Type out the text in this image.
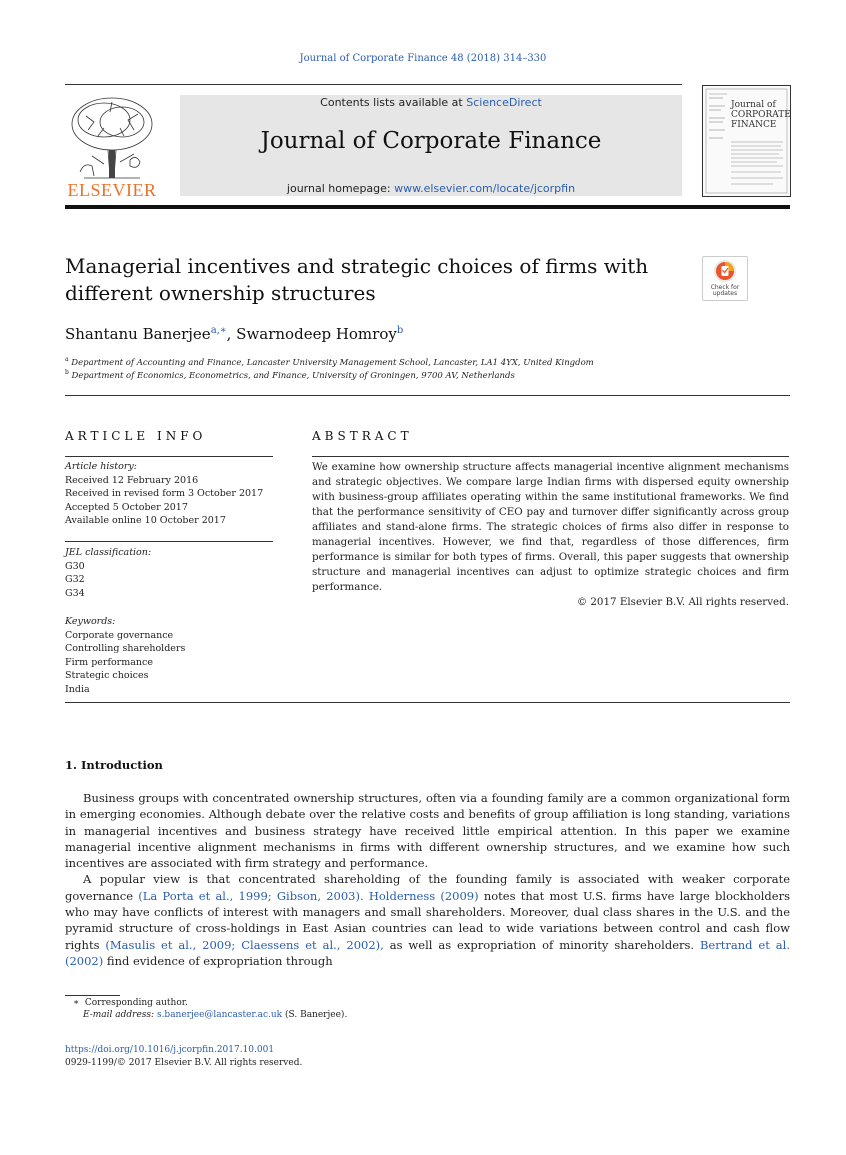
Journal of Corporate Finance 48 (2018) 314–330
ELSEVIER
Contents lists available at ScienceDirect
Journal of Corporate Finance
journal homepage: www.elsevier.com/locate/jcorpfin
Journal of CORPORATE FINANCE
Managerial incentives and strategic choices of firms with different ownership structures	Check for updates
Shantanu Banerjee$^{a,∗}$, Swarnodeep Homroy$^b$
$^a$ Department of Accounting and Finance, Lancaster University Management School, Lancaster, LA1 4YX, United Kingdom
$^b$ Department of Economics, Econometrics, and Finance, University of Groningen, 9700 AV, Netherlands
ARTICLE INFO
Article history:
Received 12 February 2016
Received in revised form 3 October 2017
Accepted 5 October 2017
Available online 10 October 2017
JEL classification:
G30
G32
G34
Keywords:
Corporate governance
Controlling shareholders
Firm performance
Strategic choices
India
ABSTRACT
We examine how ownership structure affects managerial incentive alignment mechanisms and strategic objectives. We compare large Indian firms with dispersed equity ownership with business-group affiliates operating within the same institutional frameworks. We find that the performance sensitivity of CEO pay and turnover differ significantly across group affiliates and stand-alone firms. The strategic choices of firms also differ in response to managerial incentives. However, we find that, regardless of those differences, firm performance is similar for both types of firms. Overall, this paper suggests that ownership structure and managerial incentives can adjust to optimize strategic choices and firm performance.
© 2017 Elsevier B.V. All rights reserved.
1. Introduction

Business groups with concentrated ownership structures, often via a founding family are a common organizational form in emerging economies. Although debate over the relative costs and benefits of group affiliation is long standing, variations in managerial incentives and business strategy have received little empirical attention. In this paper we examine managerial incentive alignment mechanisms in firms with different ownership structures, and we examine how such incentives are associated with firm strategy and performance.

A popular view is that concentrated shareholding of the founding family is associated with weaker corporate governance (La Porta et al., 1999; Gibson, 2003). Holderness (2009) notes that most U.S. firms have large blockholders who may have conflicts of interest with managers and small shareholders. Moreover, dual class shares in the U.S. and the pyramid structure of cross-holdings in East Asian countries can lead to wide variations between control and cash flow rights (Masulis et al., 2009; Claessens et al., 2002), as well as expropriation of minority shareholders. Bertrand et al. (2002) find evidence of expropriation through

∗ Corresponding author.
E-mail address: s.banerjee@lancaster.ac.uk (S. Banerjee).
https://doi.org/10.1016/j.jcorpfin.2017.10.001
0929-1199/© 2017 Elsevier B.V. All rights reserved.
